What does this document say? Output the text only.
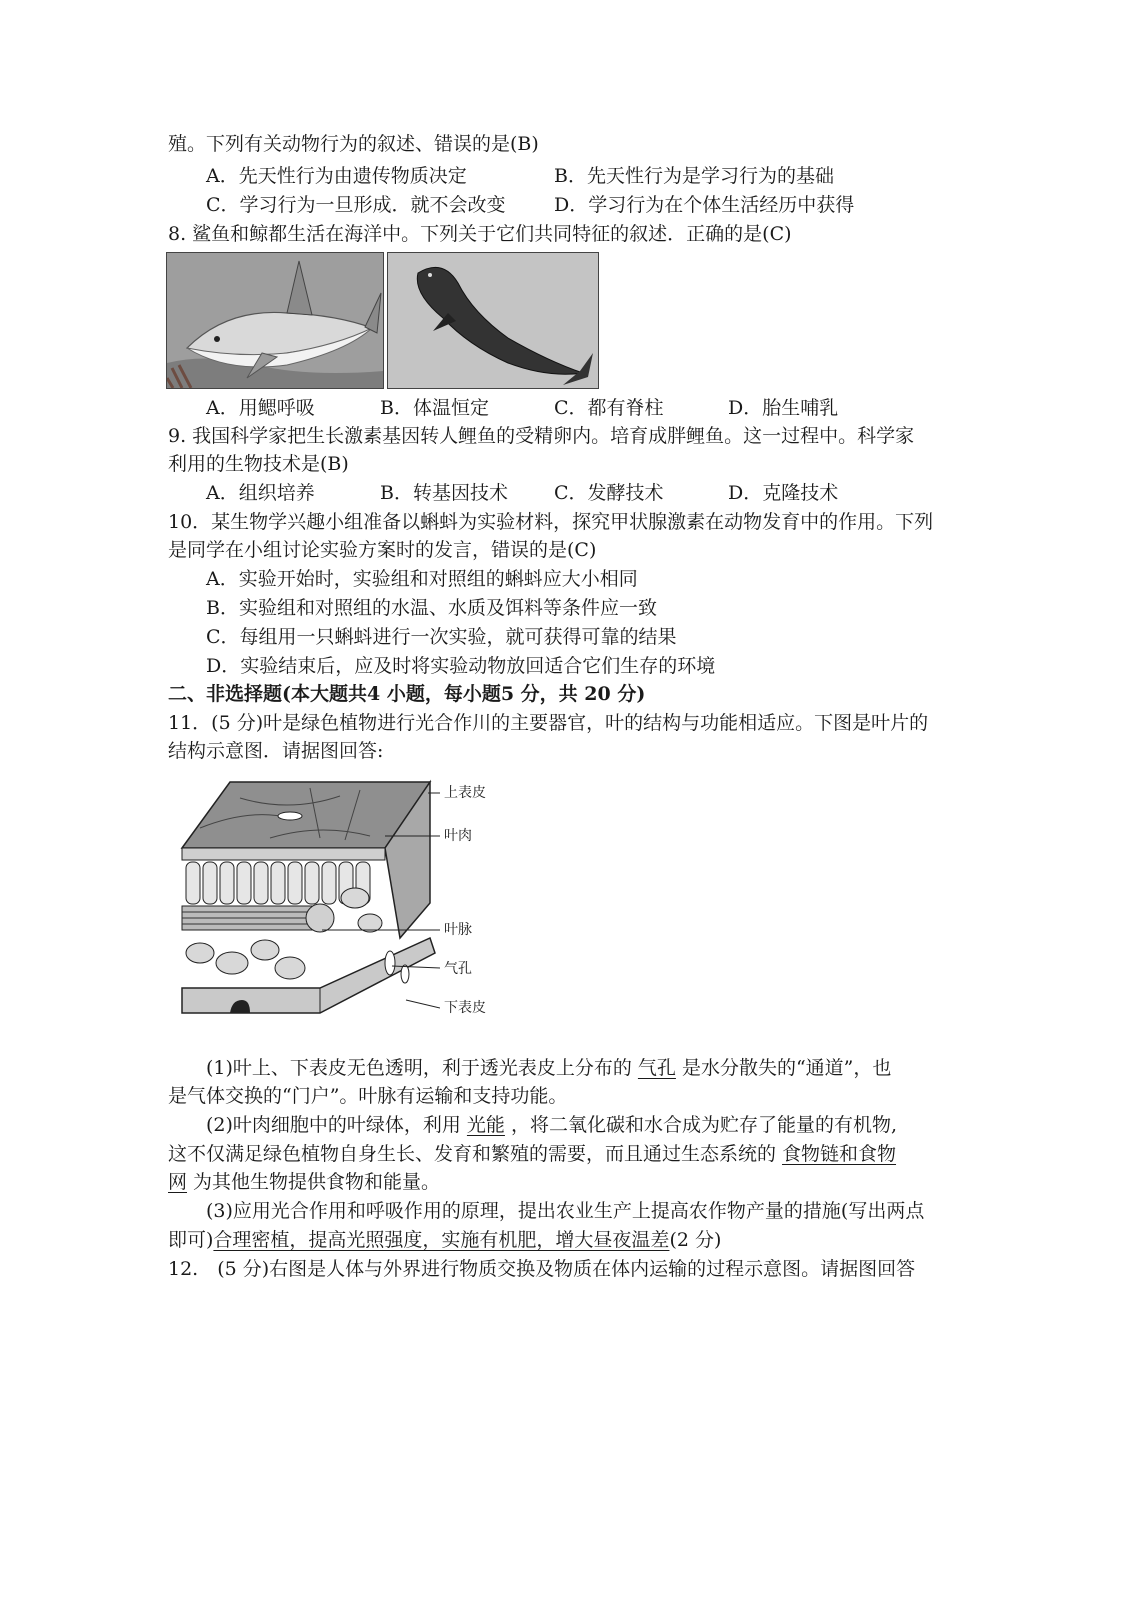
殖。下列有关动物行为的叙述、错误的是(B)
A．先天性行为由遗传物质决定	B．先天性行为是学习行为的基础
C．学习行为一旦形成．就不会改变	D．学习行为在个体生活经历中获得
8. 鲨鱼和鲸都生活在海洋中。下列关于它们共同特征的叙述．正确的是(C)
A．用鳃呼吸	B．体温恒定	C．都有脊柱	D．胎生哺乳
9. 我国科学家把生长激素基因转人鲤鱼的受精卵内。培育成胖鲤鱼。这一过程中。科学家
利用的生物技术是(B)
A．组织培养	B．转基因技术 C．发酵技术	D．克隆技术
10．某生物学兴趣小组准备以蝌蚪为实验材料，探究甲状腺激素在动物发育中的作用。下列
是同学在小组讨论实验方案时的发言，错误的是(C)
A．实验开始时，实验组和对照组的蝌蚪应大小相同
B．实验组和对照组的水温、水质及饵料等条件应一致
C．每组用一只蝌蚪进行一次实验，就可获得可靠的结果
D．实验结束后，应及时将实验动物放回适合它们生存的环境
二、非选择题(本大题共4 小题，每小题5 分，共 20 分)
11．(5 分)叶是绿色植物进行光合作川的主要器官，叶的结构与功能相适应。下图是叶片的
结构示意图．请据图回答:
上表皮
叶肉
叶脉
气孔
下表皮
(1)叶上、下表皮无色透明，利于透光表皮上分布的 气孔 是水分散失的“通道”，也
是气体交换的“门户”。叶脉有运输和支持功能。
(2)叶肉细胞中的叶绿体，利用 光能 ，将二氧化碳和水合成为贮存了能量的有机物,
这不仅满足绿色植物自身生长、发育和繁殖的需要，而且通过生态系统的 食物链和食物
网 为其他生物提供食物和能量。
(3)应用光合作用和呼吸作用的原理，提出农业生产上提高农作物产量的措施(写出两点
即可)合理密植，提高光照强度，实施有机肥，增大昼夜温差(2 分)
12.　(5 分)右图是人体与外界进行物质交换及物质在体内运输的过程示意图。请据图回答
